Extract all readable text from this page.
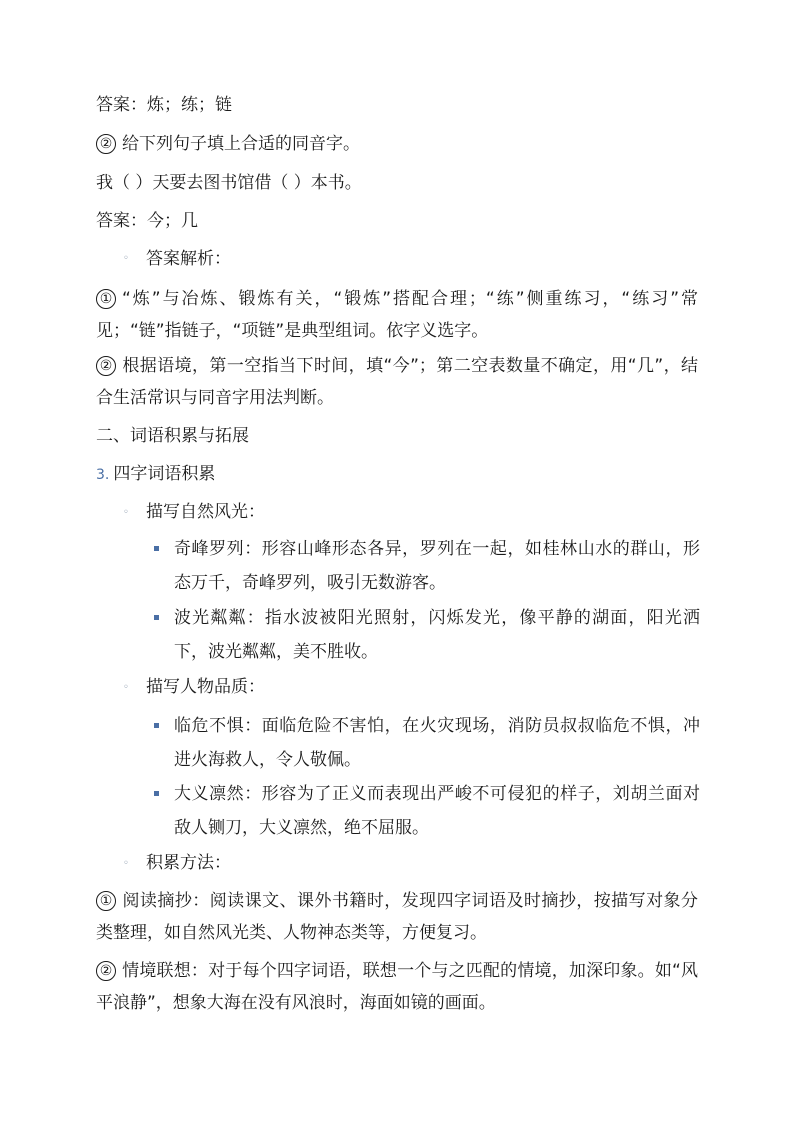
答案：炼；练；链
② 给下列句子填上合适的同音字。
我（ ）天要去图书馆借（ ）本书。
答案：今；几
◦ 答案解析：
① “炼”与冶炼、锻炼有关，“锻炼”搭配合理；“练”侧重练习，“练习”常见；“链”指链子，“项链”是典型组词。依字义选字。
② 根据语境，第一空指当下时间，填“今”；第二空表数量不确定，用“几”，结合生活常识与同音字用法判断。
二、词语积累与拓展
3. 四字词语积累
◦ 描写自然风光：
奇峰罗列：形容山峰形态各异，罗列在一起，如桂林山水的群山，形态万千，奇峰罗列，吸引无数游客。
波光粼粼：指水波被阳光照射，闪烁发光，像平静的湖面，阳光洒下，波光粼粼，美不胜收。
◦ 描写人物品质：
临危不惧：面临危险不害怕，在火灾现场，消防员叔叔临危不惧，冲进火海救人，令人敬佩。
大义凛然：形容为了正义而表现出严峻不可侵犯的样子，刘胡兰面对敌人铡刀，大义凛然，绝不屈服。
◦ 积累方法：
① 阅读摘抄：阅读课文、课外书籍时，发现四字词语及时摘抄，按描写对象分类整理，如自然风光类、人物神态类等，方便复习。
② 情境联想：对于每个四字词语，联想一个与之匹配的情境，加深印象。如“风平浪静”，想象大海在没有风浪时，海面如镜的画面。
